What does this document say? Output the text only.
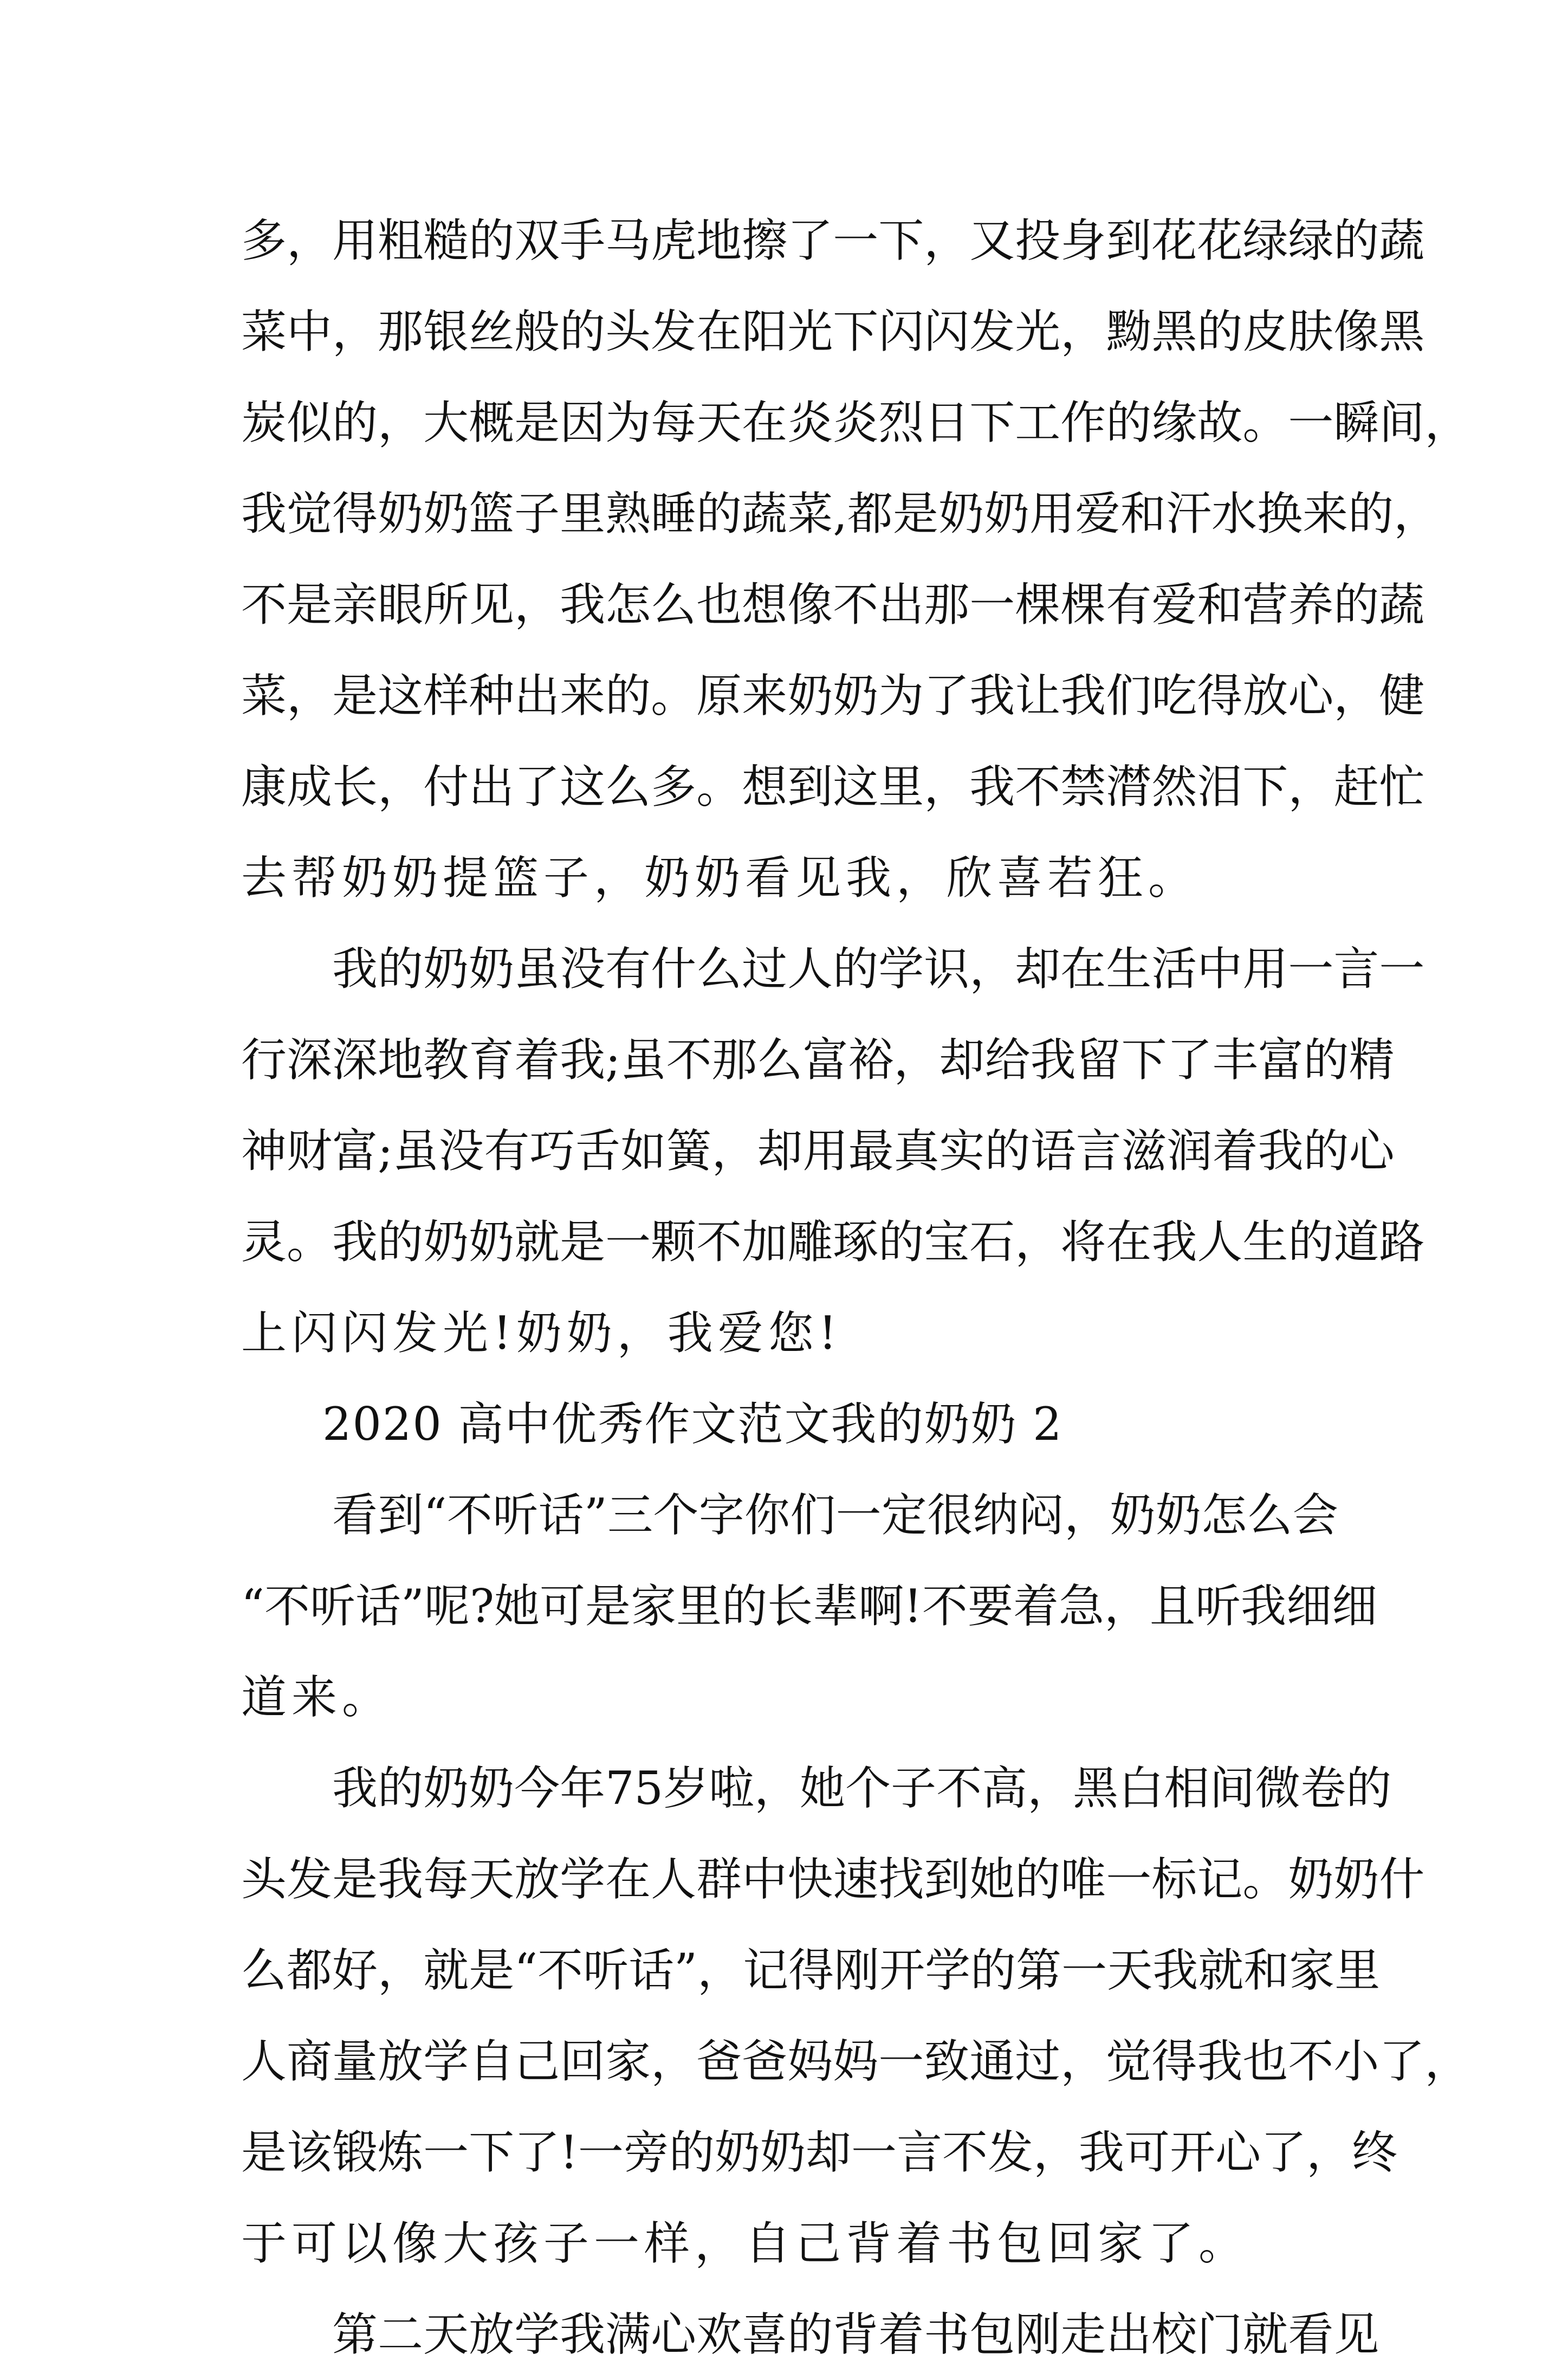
多 ， 用 粗 糙 的 双 手 马 虎 地 擦 了 一 下 ， 又 投 身 到 花 花 绿 绿 的 蔬
菜 中 ， 那 银 丝 般 的 头 发 在 阳 光 下 闪 闪 发 光 ， 黝 黑 的 皮 肤 像 黑
炭 似 的 ， 大 概 是 因 为 每 天 在 炎 炎 烈 日 下 工 作 的 缘 故 。 一 瞬 间 ，
我 觉 得 奶 奶 篮 子 里 熟 睡 的 蔬 菜 , 都 是 奶 奶 用 爱 和 汗 水 换 来 的 ，
不 是 亲 眼 所 见 ， 我 怎 么 也 想 像 不 出 那 一 棵 棵 有 爱 和 营 养 的 蔬
菜 ， 是 这 样 种 出 来 的 。 原 来 奶 奶 为 了 我 让 我 们 吃 得 放 心 ， 健
康 成 长 ， 付 出 了 这 么 多 。 想 到 这 里 ， 我 不 禁 潸 然 泪 下 ， 赶 忙
去帮奶奶提篮子，奶奶看见我，欣喜若狂。
我 的 奶 奶 虽 没 有 什 么 过 人 的 学 识 ， 却 在 生 活 中 用 一 言 一
行 深 深 地 教 育 着 我 ; 虽 不 那 么 富 裕 ， 却 给 我 留 下 了 丰 富 的 精
神 财 富 ; 虽 没 有 巧 舌 如 簧 ， 却 用 最 真 实 的 语 言 滋 润 着 我 的 心
灵 。 我 的 奶 奶 就 是 一 颗 不 加 雕 琢 的 宝 石 ， 将 在 我 人 生 的 道 路
上闪闪发光!奶奶，我爱您!
2020 高中优秀作文范文我的奶奶 2
看 到 “ 不 听 话 ” 三 个 字 你 们 一 定 很 纳 闷 ， 奶 奶 怎 么 会
“ 不 听 话 ” 呢 ? 她 可 是 家 里 的 长 辈 啊 ! 不 要 着 急 ， 且 听 我 细 细
道来。
我 的 奶 奶 今 年 7 5 岁 啦 ， 她 个 子 不 高 ， 黑 白 相 间 微 卷 的
头 发 是 我 每 天 放 学 在 人 群 中 快 速 找 到 她 的 唯 一 标 记 。 奶 奶 什
么 都 好 ， 就 是 “ 不 听 话 ” ， 记 得 刚 开 学 的 第 一 天 我 就 和 家 里
人 商 量 放 学 自 己 回 家 ， 爸 爸 妈 妈 一 致 通 过 ， 觉 得 我 也 不 小 了 ，
是 该 锻 炼 一 下 了 ! 一 旁 的 奶 奶 却 一 言 不 发 ， 我 可 开 心 了 ， 终
于可以像大孩子一样，自己背着书包回家了。
第 二 天 放 学 我 满 心 欢 喜 的 背 着 书 包 刚 走 出 校 门 就 看 见
